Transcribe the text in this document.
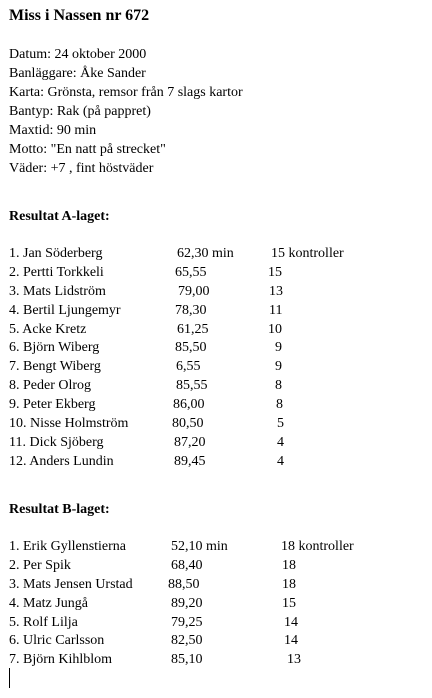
Miss i Nassen nr 672
Datum: 24 oktober 2000
Banläggare: Åke Sander
Karta: Grönsta, remsor från 7 slags kartor
Bantyp: Rak (på pappret)
Maxtid: 90 min
Motto: "En natt på strecket"
Väder: +7 , fint höstväder
Resultat A-laget:
1. Jan Söderberg	62,30 min	15 kontroller
2. Pertti Torkkeli	65,55	15
3. Mats Lidström	79,00	13
4. Bertil Ljungemyr	78,30	11
5. Acke Kretz	61,25	10
6. Björn Wiberg	85,50	9
7. Bengt Wiberg	6,55	9
8. Peder Olrog	85,55	8
9. Peter Ekberg	86,00	8
10. Nisse Holmström	80,50	5
11. Dick Sjöberg	87,20	4
12. Anders Lundin	89,45	4
Resultat B-laget:
1. Erik Gyllenstierna	52,10 min	18 kontroller
2. Per Spik	68,40	18
3. Mats Jensen Urstad	88,50	18
4. Matz Jungå	89,20	15
5. Rolf Lilja	79,25	14
6. Ulric Carlsson	82,50	14
7. Björn Kihlblom	85,10	13
